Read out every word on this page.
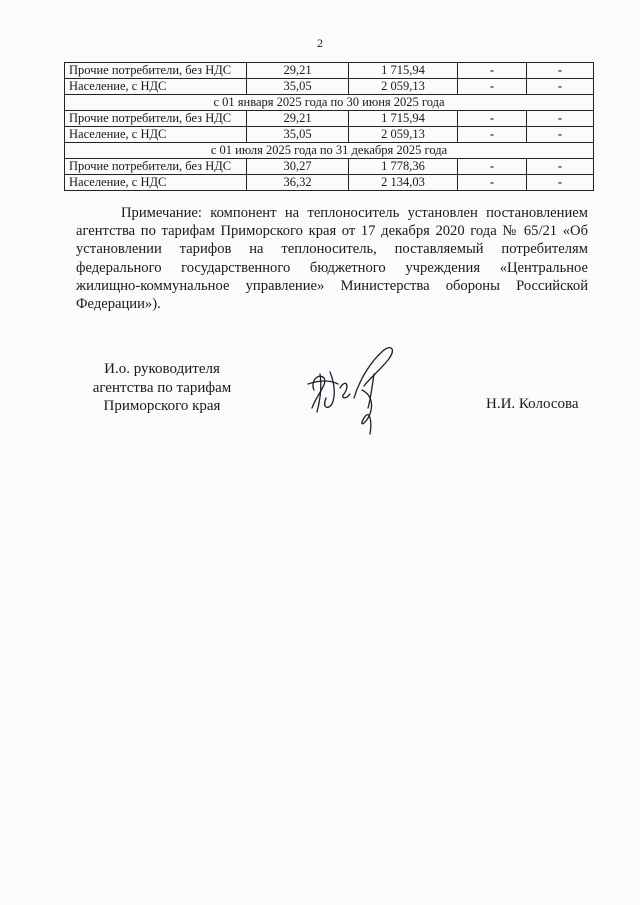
2
Прочие потребители, без НДС	29,21	1 715,94	-	-
Население, с НДС	35,05	2 059,13	-	-
с 01 января 2025 года по 30 июня 2025 года				
Прочие потребители, без НДС	29,21	1 715,94	-	-
Население, с НДС	35,05	2 059,13	-	-
с 01 июля 2025 года по 31 декабря 2025 года				
Прочие потребители, без НДС	30,27	1 778,36	-	-
Население, с НДС	36,32	2 134,03	-	-

Примечание: компонент на теплоноситель установлен постановлением агентства по тарифам Приморского края от 17 декабря 2020 года № 65/21 «Об установлении тарифов на теплоноситель, поставляемый потребителям федерального государственного бюджетного учреждения «Центральное жилищно-коммунальное управление» Министерства обороны Российской Федерации»).

И.о. руководителя
агентства по тарифам
Приморского края	Н.И. Колосова
